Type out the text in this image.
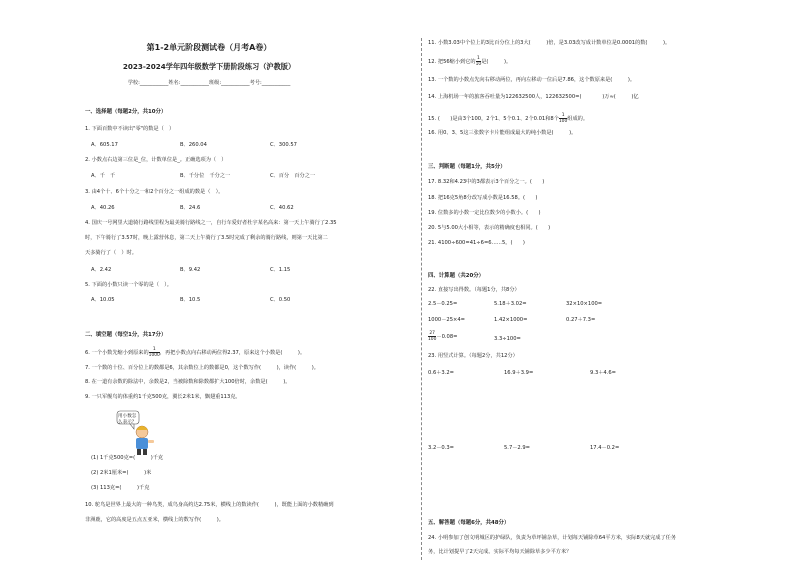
第1-2单元阶段测试卷（月考A卷）
2023-2024学年四年级数学下册阶段练习（沪教版）
学校:___________姓名:___________班级:___________考号:___________
一、选择题（每题2分，共10分）
1. 下面百数中不读出"零"的数是（　）
A．605.17	B．260.04	C．300.57
2. 小数点右边第三位是_位，计数单位是_。正确选项为（　）
A．千　千	B．千分位　千分之一	C．百分　百分之一
3. 由4个十、6个十分之一和2个百分之一组成的数是（　）。
A．40.26	B．24.6	C．40.62
4. 国庆一号网里大道骑行路线里程为最美骑行路线之一，自行车爱好者杜宇某名高来：第一天上午骑行了2.35
时，下午骑行了3.57时，晚上露营休息，第二天上午骑行了3.5时完成了剩余的骑行路线，则第一天比第二
天多骑行了（　）时。
A．2.42	B．9.42	C．1.15
5. 下面的小数只读一个零的是（　）。
A．10.05	B．10.5	C．0.50
二、填空题（每空1分，共17分）
6. 一个小数先缩小到原来的 $\frac{1}{1000}$ ，再把小数点向右移动两位得2.37，原来这个小数是(　　　)。
7. 一个数的十位、百分位上的数都是6，其余数位上的数都是0，这个数写作(　　　)，读作(　　　)。
8. 在一道有余数的除法中，余数是2，当被除数和除数都扩大100倍时，余数是(　　　)。
9. 一只军舰鸟的体重约1千克500克，翼长2米1米，飘翅重113克。
用小数怎么表示？
(1) 1千克500克=(　　　)千克
(2) 2米1厘米=(　　　)米
(3) 113克=(　　　)千克
10. 鸵鸟是世界上最大的一种鸟类，成鸟身高约达2.75米，横线上的数读作(　　　)，既能上面的小数精确到
非洲鹿，它的高度是五点五亚米，横线上的数写作(　　　)。
11. 小数3.03中个位上的3比百分位上的3大(　　　)倍，是3.03改写成计数单位是0.0001的数(　　　)。
12. 把56缩小到它的 $\frac{1}{10}$ 是(　　　)。
13. 一个数的小数点先向右移动两位，再向左移动一位后是7.86，这个数原来是(　　　)。
14. 上海机场一年的旅客吞吐量为122632500人，122632500=(　　　　)万≈(　　　)亿
15. (　　)是由3个100，2个1、5个0.1、2个0.01和8个 $\frac{1}{100}$ 组成的。
16. 用0、3、5这三张数字卡片能组成最大的纯小数是(　　　)。
三、判断题（每题1分，共5分）
17. 8.32和4.23中的3都表示3个百分之一。(　　)
18. 把16克5角8分改写成小数是16.58。(　　)
19. 位数多的小数一定比位数少的小数小。(　　)
20. 5与5.00大小相等，表示的精确度也相同。(　　)
21. 4100÷600=41÷6=6……5。(　　)
四、计算题（共20分）
22. 直接写出得数。（每题1分，共8分）
2.5－0.25=	5.18＋3.02=	32×10×100=
1000－25×4=	1.42×1000=	0.27＋7.3=
$\frac{27}{100} -0.08=$	3.3÷100=
23. 用竖式计算。（每题2分，共12分）
0.6＋3.2=	16.9＋3.9=	9.3＋4.6=
3.2－0.3=	5.7－2.9=	17.4－0.2=
五、解答题（每题6分，共48分）
24. 小明参加了创文明城区的护绿队，负责为草坪铺杂草，计划每天铺除草64平方米，实际8天就完成了任务
务，比计划提早了2天完成。实际平均每天铺除草多少平方米？
